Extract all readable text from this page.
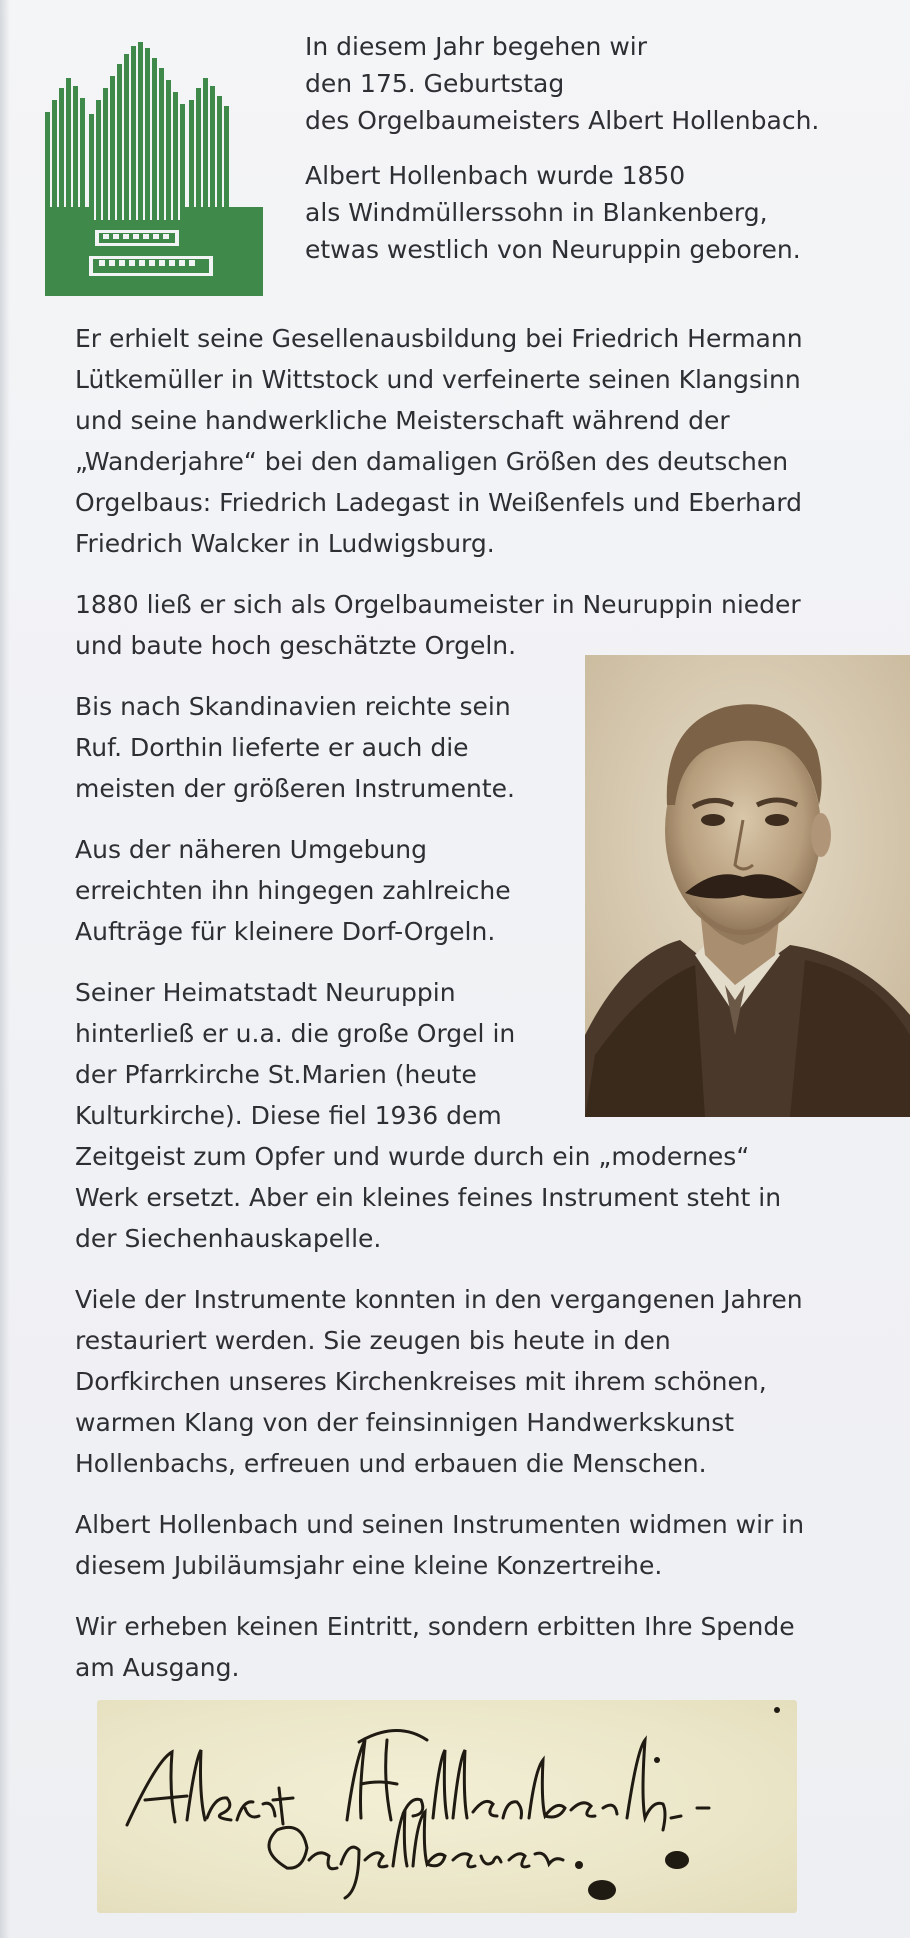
In diesem Jahr begehen wir
den 175. Geburtstag
des Orgelbaumeisters Albert Hollenbach.

Albert Hollenbach wurde 1850
als Windmüllerssohn in Blankenberg,
etwas westlich von Neuruppin geboren.

Er erhielt seine Gesellenausbildung bei Friedrich Hermann
Lütkemüller in Wittstock und verfeinerte seinen Klangsinn
und seine handwerkliche Meisterschaft während der
„Wanderjahre“ bei den damaligen Größen des deutschen
Orgelbaus: Friedrich Ladegast in Weißenfels und Eberhard
Friedrich Walcker in Ludwigsburg.

1880 ließ er sich als Orgelbaumeister in Neuruppin nieder
und baute hoch geschätzte Orgeln.

Bis nach Skandinavien reichte sein
Ruf. Dorthin lieferte er auch die
meisten der größeren Instrumente.

Aus der näheren Umgebung
erreichten ihn hingegen zahlreiche
Aufträge für kleinere Dorf-Orgeln.

Seiner Heimatstadt Neuruppin
hinterließ er u.a. die große Orgel in
der Pfarrkirche St.Marien (heute
Kulturkirche). Diese fiel 1936 dem
Zeitgeist zum Opfer und wurde durch ein „modernes“
Werk ersetzt. Aber ein kleines feines Instrument steht in
der Siechenhauskapelle.

Viele der Instrumente konnten in den vergangenen Jahren
restauriert werden. Sie zeugen bis heute in den
Dorfkirchen unseres Kirchenkreises mit ihrem schönen,
warmen Klang von der feinsinnigen Handwerkskunst
Hollenbachs, erfreuen und erbauen die Menschen.

Albert Hollenbach und seinen Instrumenten widmen wir in
diesem Jubiläumsjahr eine kleine Konzertreihe.

Wir erheben keinen Eintritt, sondern erbitten Ihre Spende
am Ausgang.
